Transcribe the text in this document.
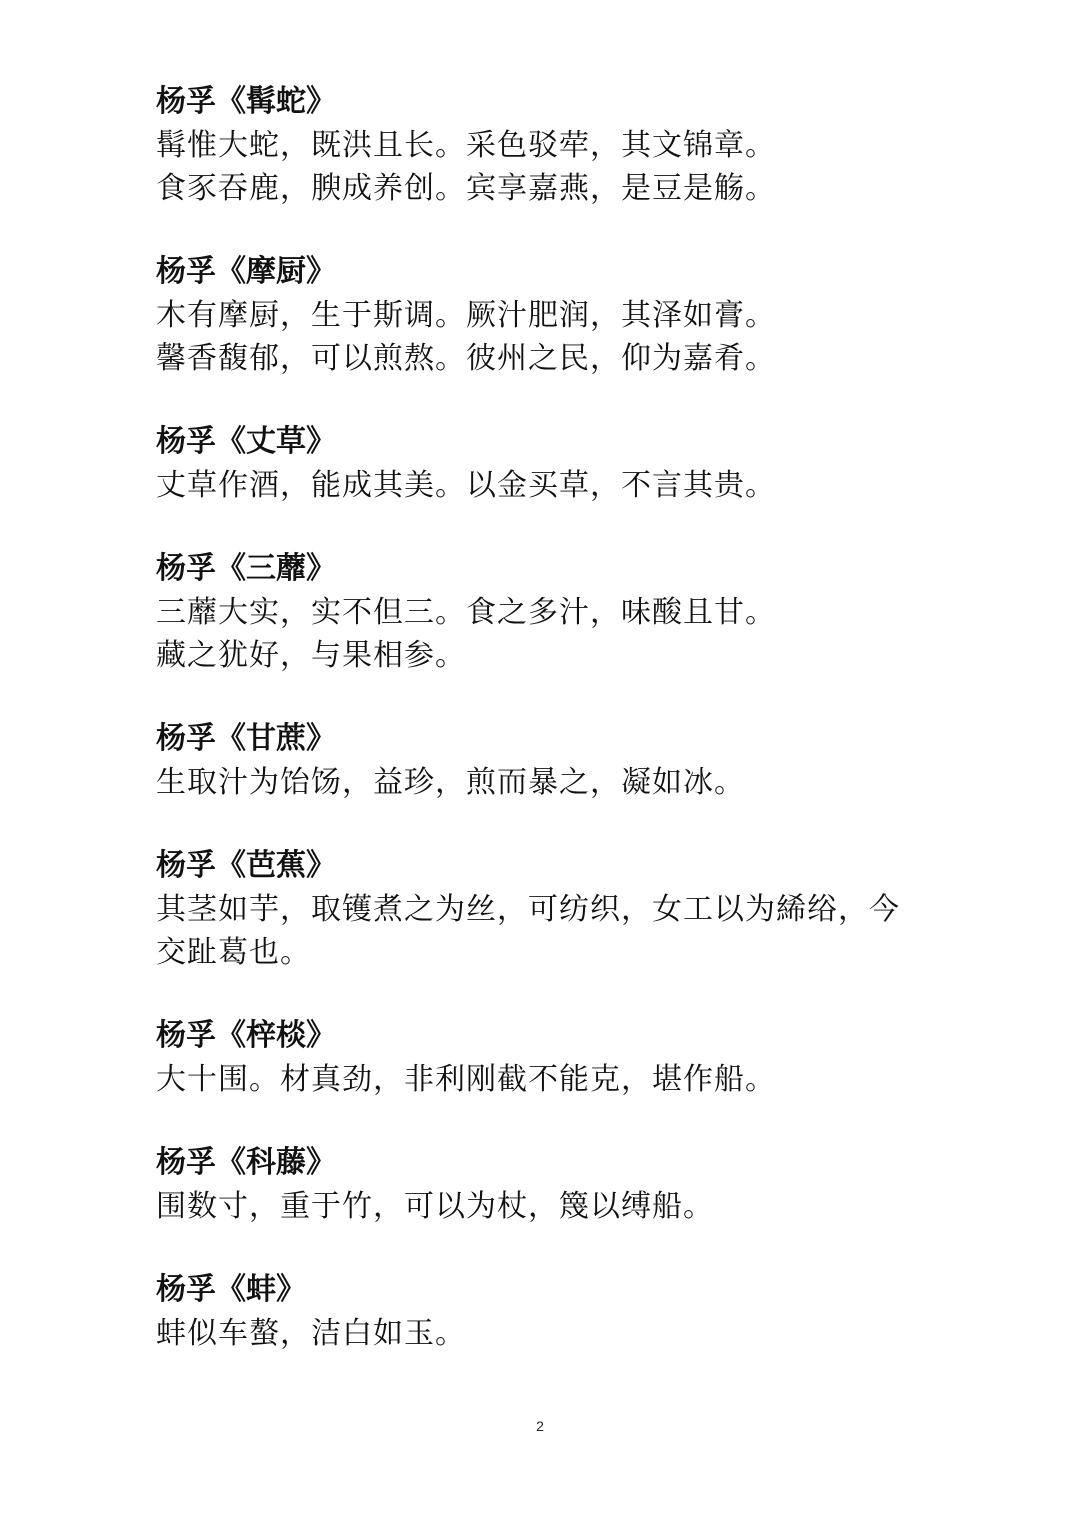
杨孚《髯蛇》

髯惟大蛇，既洪且长。采色驳荦，其文锦章。

食豕吞鹿，腴成养创。宾享嘉燕，是豆是觞。

杨孚《摩厨》

木有摩厨，生于斯调。厥汁肥润，其泽如膏。

馨香馥郁，可以煎熬。彼州之民，仰为嘉肴。

杨孚《丈草》

丈草作酒，能成其美。以金买草，不言其贵。

杨孚《三蘼》

三蘼大实，实不但三。食之多汁，味酸且甘。

藏之犹好，与果相参。

杨孚《甘蔗》

生取汁为饴饧，益珍，煎而暴之，凝如冰。

杨孚《芭蕉》

其茎如芋，取镬煮之为丝，可纺织，女工以为絺绤，今

交趾葛也。

杨孚《梓棪》

大十围。材真劲，非利刚截不能克，堪作船。

杨孚《科藤》

围数寸，重于竹，可以为杖，篾以缚船。

杨孚《蚌》

蚌似车螯，洁白如玉。

2
